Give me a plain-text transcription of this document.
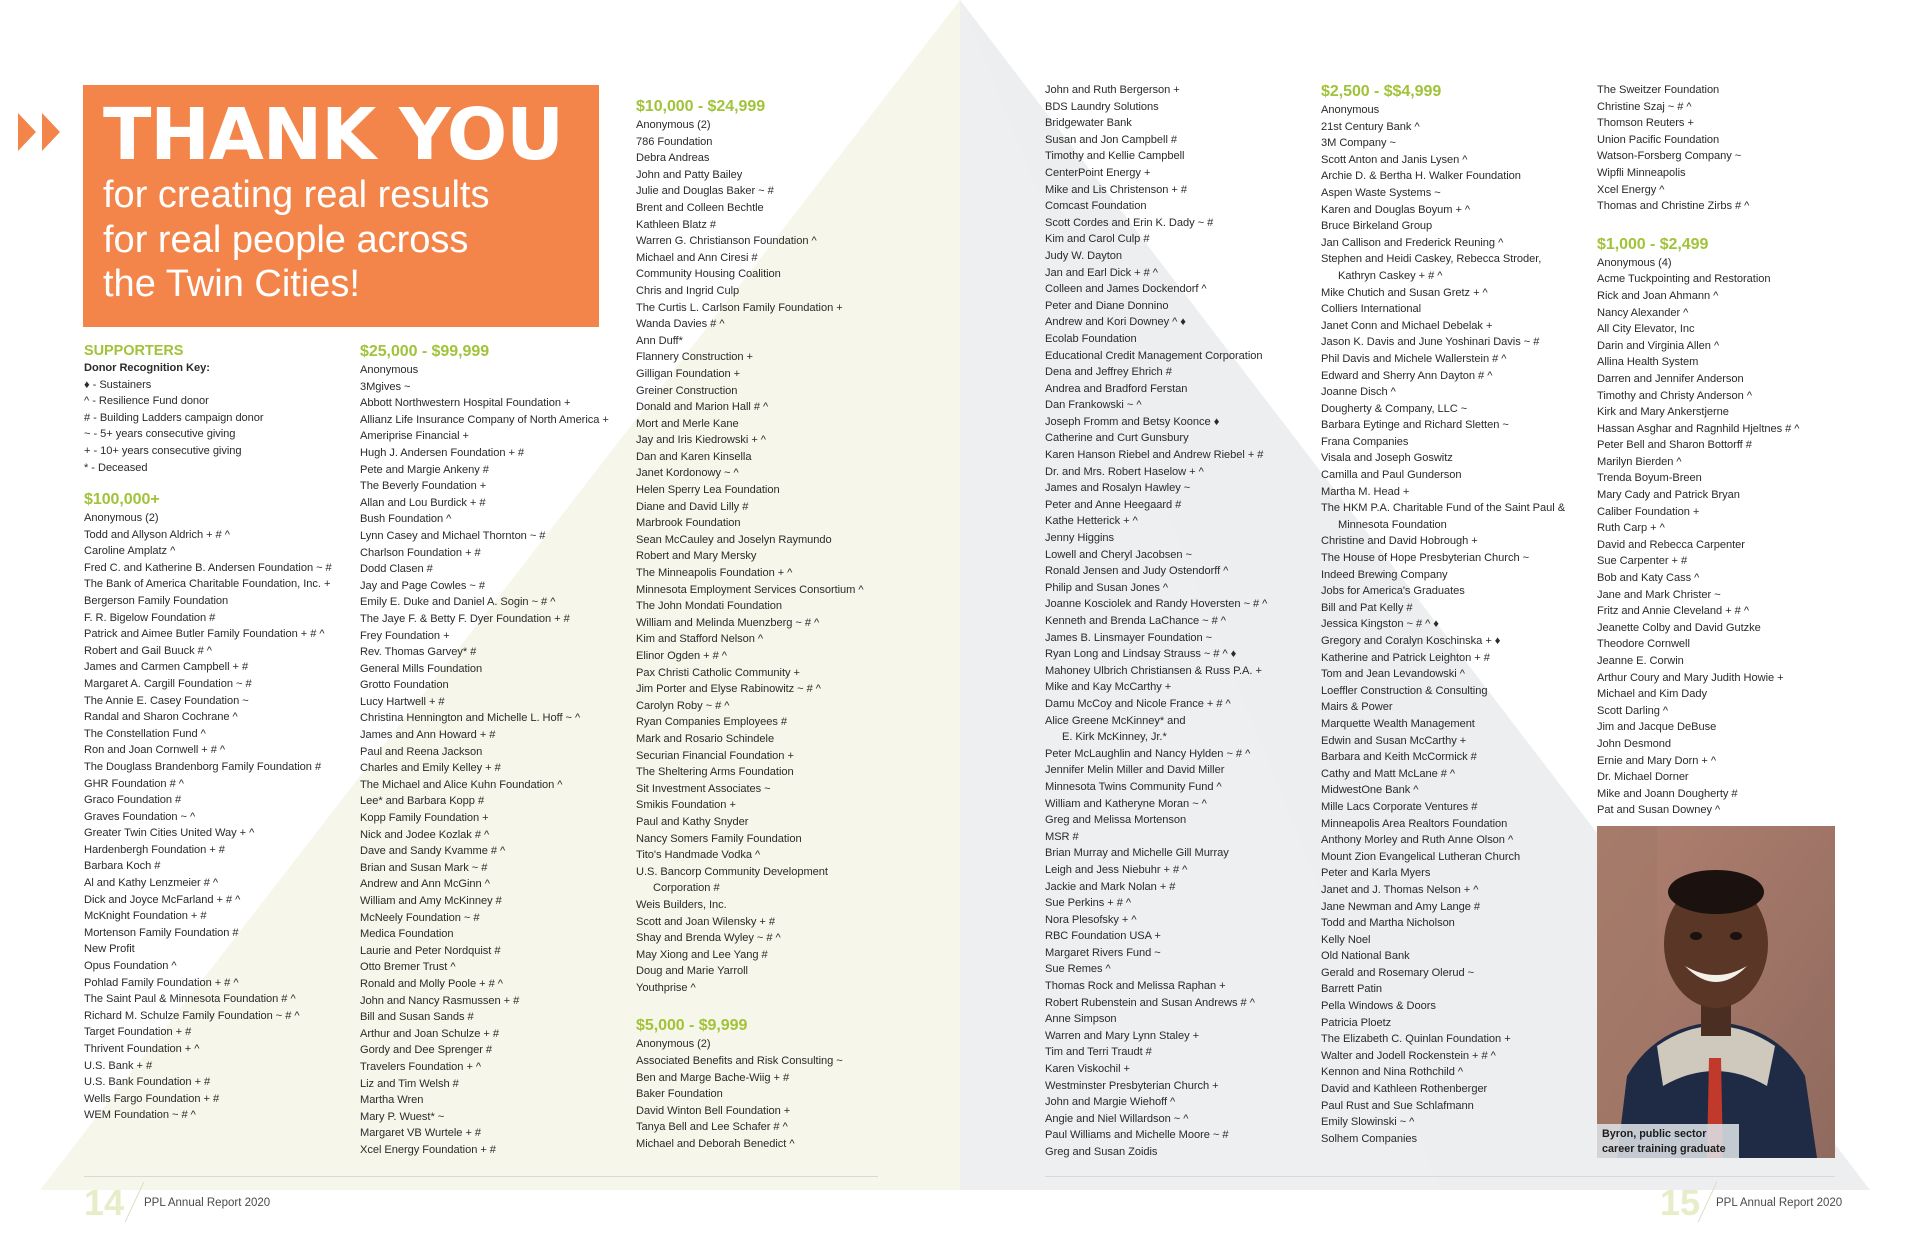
THANK YOU
for creating real results
for real people across
the Twin Cities!
SUPPORTERS
Donor Recognition Key:
♦ - Sustainers
^ - Resilience Fund donor
# - Building Ladders campaign donor
~ - 5+ years consecutive giving
+ - 10+ years consecutive giving
* - Deceased
$100,000+
Anonymous (2)
Todd and Allyson Aldrich + # ^
Caroline Amplatz ^
Fred C. and Katherine B. Andersen Foundation ~ #
The Bank of America Charitable Foundation, Inc. +
Bergerson Family Foundation
F. R. Bigelow Foundation #
Patrick and Aimee Butler Family Foundation + # ^
Robert and Gail Buuck # ^
James and Carmen Campbell + #
Margaret A. Cargill Foundation ~ #
The Annie E. Casey Foundation ~
Randal and Sharon Cochrane ^
The Constellation Fund ^
Ron and Joan Cornwell + # ^
The Douglass Brandenborg Family Foundation #
GHR Foundation # ^
Graco Foundation #
Graves Foundation ~ ^
Greater Twin Cities United Way + ^
Hardenbergh Foundation + #
Barbara Koch #
Al and Kathy Lenzmeier # ^
Dick and Joyce McFarland + # ^
McKnight Foundation + #
Mortenson Family Foundation #
New Profit
Opus Foundation ^
Pohlad Family Foundation + # ^
The Saint Paul & Minnesota Foundation # ^
Richard M. Schulze Family Foundation ~ # ^
Target Foundation + #
Thrivent Foundation + ^
U.S. Bank + #
U.S. Bank Foundation + #
Wells Fargo Foundation + #
WEM Foundation ~ # ^
$25,000 - $99,999
Anonymous
3Mgives ~
Abbott Northwestern Hospital Foundation +
Allianz Life Insurance Company of North America +
Ameriprise Financial +
Hugh J. Andersen Foundation + #
Pete and Margie Ankeny #
The Beverly Foundation +
Allan and Lou Burdick + #
Bush Foundation ^
Lynn Casey and Michael Thornton ~ #
Charlson Foundation + #
Dodd Clasen #
Jay and Page Cowles ~ #
Emily E. Duke and Daniel A. Sogin ~ # ^
The Jaye F. & Betty F. Dyer Foundation + #
Frey Foundation +
Rev. Thomas Garvey* #
General Mills Foundation
Grotto Foundation
Lucy Hartwell + #
Christina Hennington and Michelle L. Hoff ~ ^
James and Ann Howard + #
Paul and Reena Jackson
Charles and Emily Kelley + #
The Michael and Alice Kuhn Foundation ^
Lee* and Barbara Kopp #
Kopp Family Foundation +
Nick and Jodee Kozlak # ^
Dave and Sandy Kvamme # ^
Brian and Susan Mark ~ #
Andrew and Ann McGinn ^
William and Amy McKinney #
McNeely Foundation ~ #
Medica Foundation
Laurie and Peter Nordquist #
Otto Bremer Trust ^
Ronald and Molly Poole + # ^
John and Nancy Rasmussen + #
Bill and Susan Sands #
Arthur and Joan Schulze + #
Gordy and Dee Sprenger #
Travelers Foundation + ^
Liz and Tim Welsh #
Martha Wren
Mary P. Wuest* ~
Margaret VB Wurtele + #
Xcel Energy Foundation + #
$10,000 - $24,999
Anonymous (2)
786 Foundation
Debra Andreas
John and Patty Bailey
Julie and Douglas Baker ~ #
Brent and Colleen Bechtle
Kathleen Blatz #
Warren G. Christianson Foundation ^
Michael and Ann Ciresi #
Community Housing Coalition
Chris and Ingrid Culp
The Curtis L. Carlson Family Foundation +
Wanda Davies # ^
Ann Duff*
Flannery Construction +
Gilligan Foundation +
Greiner Construction
Donald and Marion Hall # ^
Mort and Merle Kane
Jay and Iris Kiedrowski + ^
Dan and Karen Kinsella
Janet Kordonowy ~ ^
Helen Sperry Lea Foundation
Diane and David Lilly #
Marbrook Foundation
Sean McCauley and Joselyn Raymundo
Robert and Mary Mersky
The Minneapolis Foundation + ^
Minnesota Employment Services Consortium ^
The John Mondati Foundation
William and Melinda Muenzberg ~ # ^
Kim and Stafford Nelson ^
Elinor Ogden + # ^
Pax Christi Catholic Community +
Jim Porter and Elyse Rabinowitz ~ # ^
Carolyn Roby ~ # ^
Ryan Companies Employees #
Mark and Rosario Schindele
Securian Financial Foundation +
The Sheltering Arms Foundation
Sit Investment Associates ~
Smikis Foundation +
Paul and Kathy Snyder
Nancy Somers Family Foundation
Tito's Handmade Vodka ^
U.S. Bancorp Community Development
Corporation #
Weis Builders, Inc.
Scott and Joan Wilensky + #
Shay and Brenda Wyley ~ # ^
May Xiong and Lee Yang #
Doug and Marie Yarroll
Youthprise ^
$5,000 - $9,999
Anonymous (2)
Associated Benefits and Risk Consulting ~
Ben and Marge Bache-Wiig + #
Baker Foundation
David Winton Bell Foundation +
Tanya Bell and Lee Schafer # ^
Michael and Deborah Benedict ^
John and Ruth Bergerson +
BDS Laundry Solutions
Bridgewater Bank
Susan and Jon Campbell #
Timothy and Kellie Campbell
CenterPoint Energy +
Mike and Lis Christenson + #
Comcast Foundation
Scott Cordes and Erin K. Dady ~ #
Kim and Carol Culp #
Judy W. Dayton
Jan and Earl Dick + # ^
Colleen and James Dockendorf ^
Peter and Diane Donnino
Andrew and Kori Downey ^ ♦
Ecolab Foundation
Educational Credit Management Corporation
Dena and Jeffrey Ehrich #
Andrea and Bradford Ferstan
Dan Frankowski ~ ^
Joseph Fromm and Betsy Koonce ♦
Catherine and Curt Gunsbury
Karen Hanson Riebel and Andrew Riebel + #
Dr. and Mrs. Robert Haselow + ^
James and Rosalyn Hawley ~
Peter and Anne Heegaard #
Kathe Hetterick + ^
Jenny Higgins
Lowell and Cheryl Jacobsen ~
Ronald Jensen and Judy Ostendorff ^
Philip and Susan Jones ^
Joanne Kosciolek and Randy Hoversten ~ # ^
Kenneth and Brenda LaChance ~ # ^
James B. Linsmayer Foundation ~
Ryan Long and Lindsay Strauss ~ # ^ ♦
Mahoney Ulbrich Christiansen & Russ P.A. +
Mike and Kay McCarthy +
Damu McCoy and Nicole France + # ^
Alice Greene McKinney* and
E. Kirk McKinney, Jr.*
Peter McLaughlin and Nancy Hylden ~ # ^
Jennifer Melin Miller and David Miller
Minnesota Twins Community Fund ^
William and Katheryne Moran ~ ^
Greg and Melissa Mortenson
MSR #
Brian Murray and Michelle Gill Murray
Leigh and Jess Niebuhr + # ^
Jackie and Mark Nolan + #
Sue Perkins + # ^
Nora Plesofsky + ^
RBC Foundation USA +
Margaret Rivers Fund ~
Sue Remes ^
Thomas Rock and Melissa Raphan +
Robert Rubenstein and Susan Andrews # ^
Anne Simpson
Warren and Mary Lynn Staley +
Tim and Terri Traudt #
Karen Viskochil +
Westminster Presbyterian Church +
John and Margie Wiehoff ^
Angie and Niel Willardson ~ ^
Paul Williams and Michelle Moore ~ #
Greg and Susan Zoidis
$2,500 - $$4,999
Anonymous
21st Century Bank ^
3M Company ~
Scott Anton and Janis Lysen ^
Archie D. & Bertha H. Walker Foundation
Aspen Waste Systems ~
Karen and Douglas Boyum + ^
Bruce Birkeland Group
Jan Callison and Frederick Reuning ^
Stephen and Heidi Caskey, Rebecca Stroder,
Kathryn Caskey + # ^
Mike Chutich and Susan Gretz + ^
Colliers International
Janet Conn and Michael Debelak +
Jason K. Davis and June Yoshinari Davis ~ #
Phil Davis and Michele Wallerstein # ^
Edward and Sherry Ann Dayton # ^
Joanne Disch ^
Dougherty & Company, LLC ~
Barbara Eytinge and Richard Sletten ~
Frana Companies
Visala and Joseph Goswitz
Camilla and Paul Gunderson
Martha M. Head +
The HKM P.A. Charitable Fund of the Saint Paul &
Minnesota Foundation
Christine and David Hobrough +
The House of Hope Presbyterian Church ~
Indeed Brewing Company
Jobs for America's Graduates
Bill and Pat Kelly #
Jessica Kingston ~ # ^ ♦
Gregory and Coralyn Koschinska + ♦
Katherine and Patrick Leighton + #
Tom and Jean Levandowski ^
Loeffler Construction & Consulting
Mairs & Power
Marquette Wealth Management
Edwin and Susan McCarthy +
Barbara and Keith McCormick #
Cathy and Matt McLane # ^
MidwestOne Bank ^
Mille Lacs Corporate Ventures #
Minneapolis Area Realtors Foundation
Anthony Morley and Ruth Anne Olson ^
Mount Zion Evangelical Lutheran Church
Peter and Karla Myers
Janet and J. Thomas Nelson + ^
Jane Newman and Amy Lange #
Todd and Martha Nicholson
Kelly Noel
Old National Bank
Gerald and Rosemary Olerud ~
Barrett Patin
Pella Windows & Doors
Patricia Ploetz
The Elizabeth C. Quinlan Foundation +
Walter and Jodell Rockenstein + # ^
Kennon and Nina Rothchild ^
David and Kathleen Rothenberger
Paul Rust and Sue Schlafmann
Emily Slowinski ~ ^
Solhem Companies
The Sweitzer Foundation
Christine Szaj ~ # ^
Thomson Reuters +
Union Pacific Foundation
Watson-Forsberg Company ~
Wipfli Minneapolis
Xcel Energy ^
Thomas and Christine Zirbs # ^
$1,000 - $2,499
Anonymous (4)
Acme Tuckpointing and Restoration
Rick and Joan Ahmann ^
Nancy Alexander ^
All City Elevator, Inc
Darin and Virginia Allen ^
Allina Health System
Darren and Jennifer Anderson
Timothy and Christy Anderson ^
Kirk and Mary Ankerstjerne
Hassan Asghar and Ragnhild Hjeltnes # ^
Peter Bell and Sharon Bottorff #
Marilyn Bierden ^
Trenda Boyum-Breen
Mary Cady and Patrick Bryan
Caliber Foundation +
Ruth Carp + ^
David and Rebecca Carpenter
Sue Carpenter + #
Bob and Katy Cass ^
Jane and Mark Christer ~
Fritz and Annie Cleveland + # ^
Jeanette Colby and David Gutzke
Theodore Cornwell
Jeanne E. Corwin
Arthur Coury and Mary Judith Howie +
Michael and Kim Dady
Scott Darling ^
Jim and Jacque DeBuse
John Desmond
Ernie and Mary Dorn + ^
Dr. Michael Dorner
Mike and Joann Dougherty #
Pat and Susan Downey ^
Byron, public sector
career training graduate
14 PPL Annual Report 2020	15 PPL Annual Report 2020
